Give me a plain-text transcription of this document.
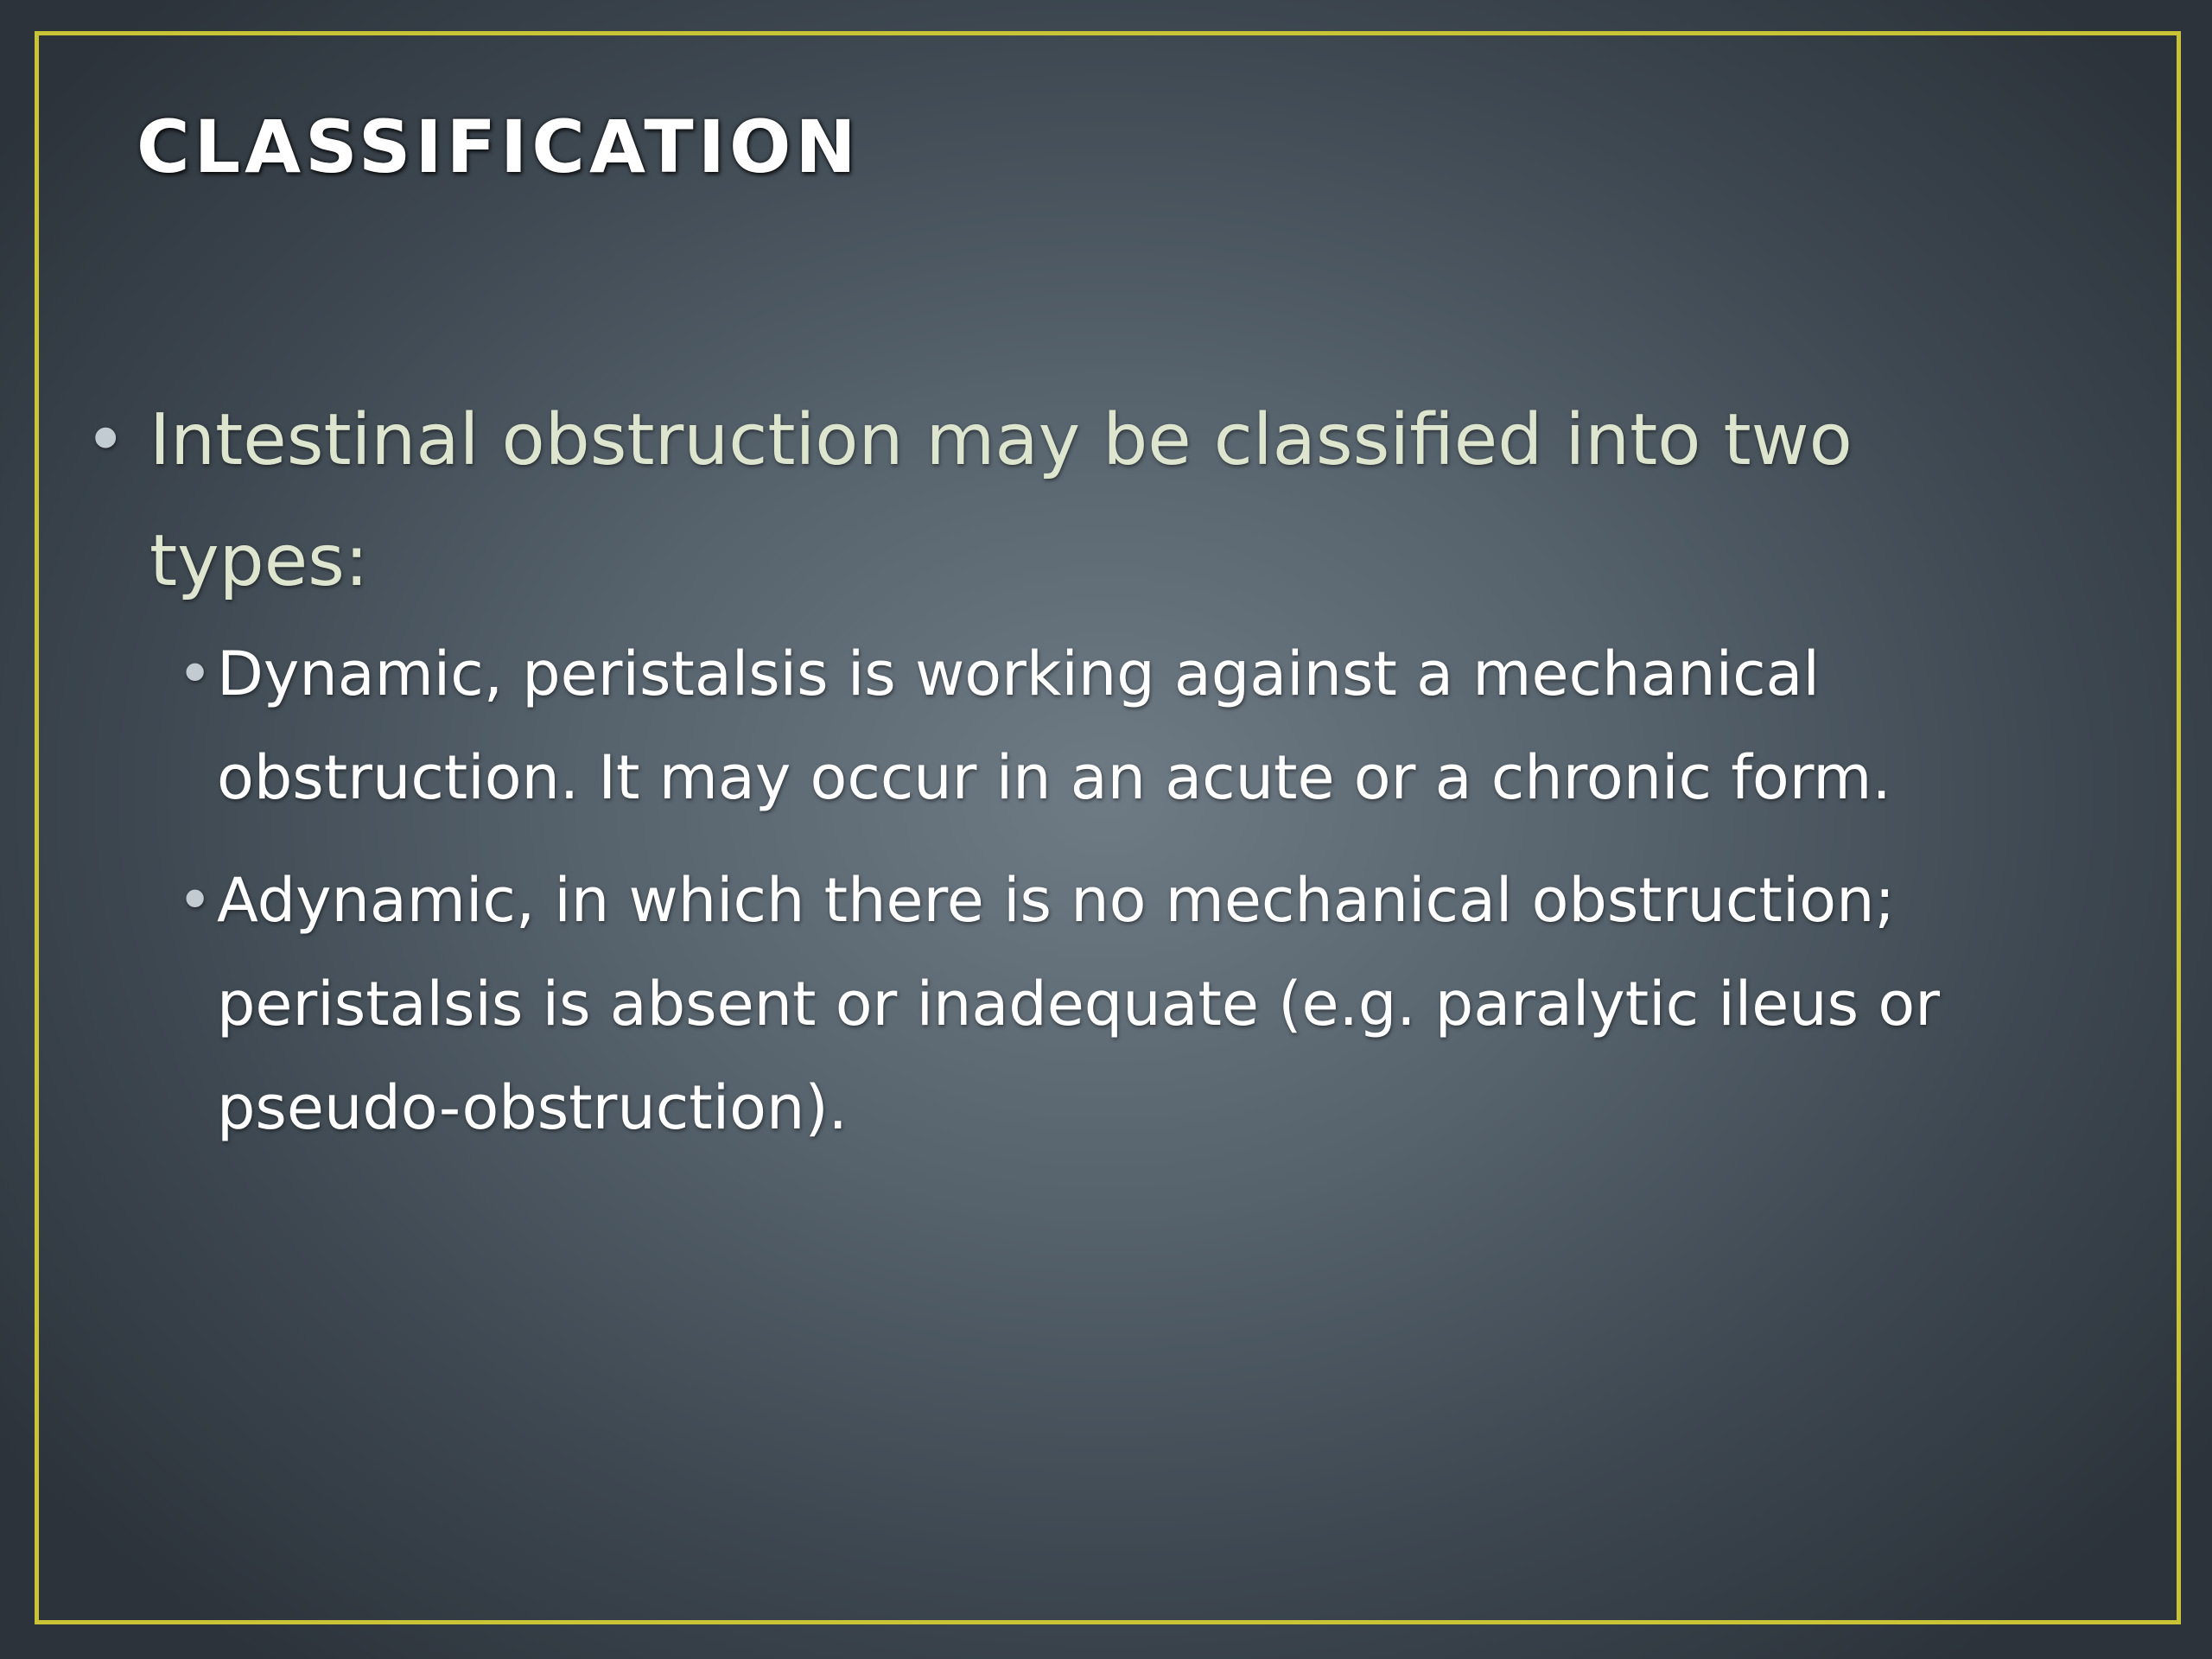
CLASSIFICATION
• Intestinal obstruction may be classified into two types:
• Dynamic, peristalsis is working against a mechanical obstruction. It may occur in an acute or a chronic form.
• Adynamic, in which there is no mechanical obstruction; peristalsis is absent or inadequate (e.g. paralytic ileus or pseudo-obstruction).
